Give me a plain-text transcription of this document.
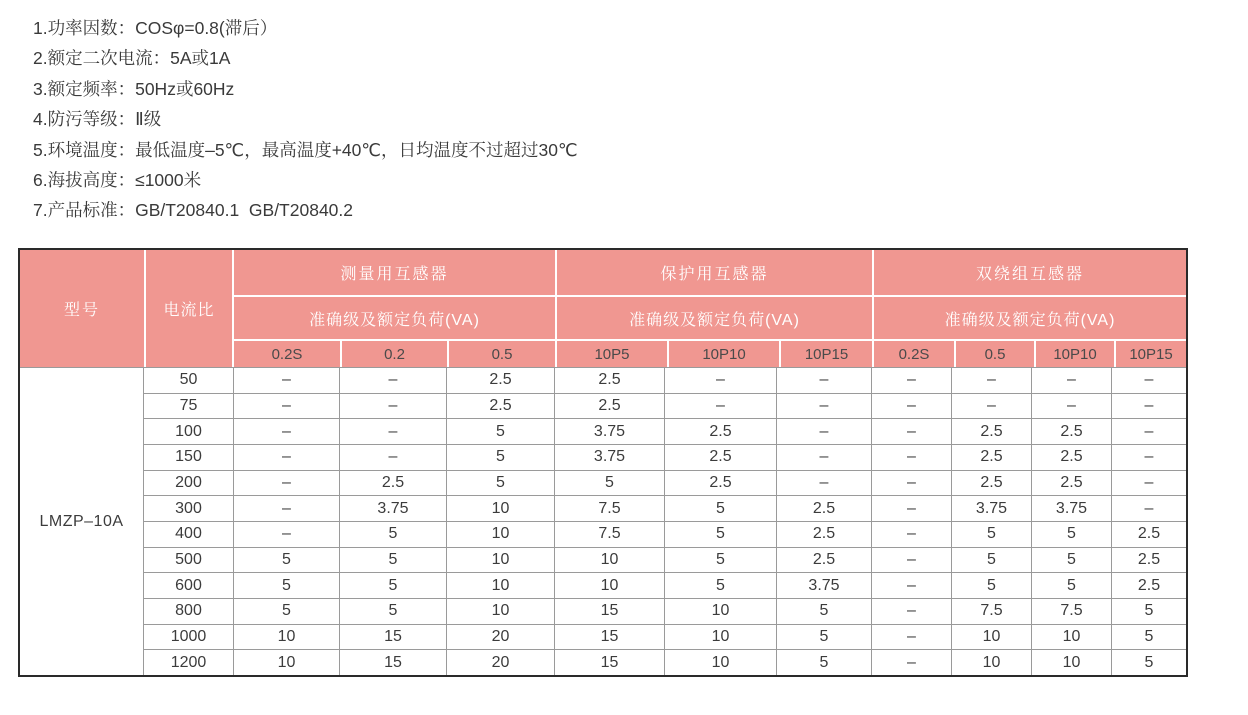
1.功率因数：COSφ=0.8(滞后）
2.额定二次电流：5A或1A
3.额定频率：50Hz或60Hz
4.防污等级：Ⅱ级
5.环境温度：最低温度–5℃，最高温度+40℃，日均温度不过超过30℃
6.海拔高度：≤1000米
7.产品标准：GB/T20840.1  GB/T20840.2
型号	电流比
测量用互感器
准确级及额定负荷(VA)
0.2S	0.2	0.5
保护用互感器
准确级及额定负荷(VA)
10P5	10P10	10P15
双绕组互感器
准确级及额定负荷(VA)
0.2S	0.5	10P10	10P15
LMZP–10A
50	–	–	2.5	2.5	–	–	–	–	–	–
75	–	–	2.5	2.5	–	–	–	–	–	–
100	–	–	5	3.75	2.5	–	–	2.5	2.5	–
150	–	–	5	3.75	2.5	–	–	2.5	2.5	–
200	–	2.5	5	5	2.5	–	–	2.5	2.5	–
300	–	3.75	10	7.5	5	2.5	–	3.75	3.75	–
400	–	5	10	7.5	5	2.5	–	5	5	2.5
500	5	5	10	10	5	2.5	–	5	5	2.5
600	5	5	10	10	5	3.75	–	5	5	2.5
800	5	5	10	15	10	5	–	7.5	7.5	5
1000	10	15	20	15	10	5	–	10	10	5
1200	10	15	20	15	10	5	–	10	10	5
